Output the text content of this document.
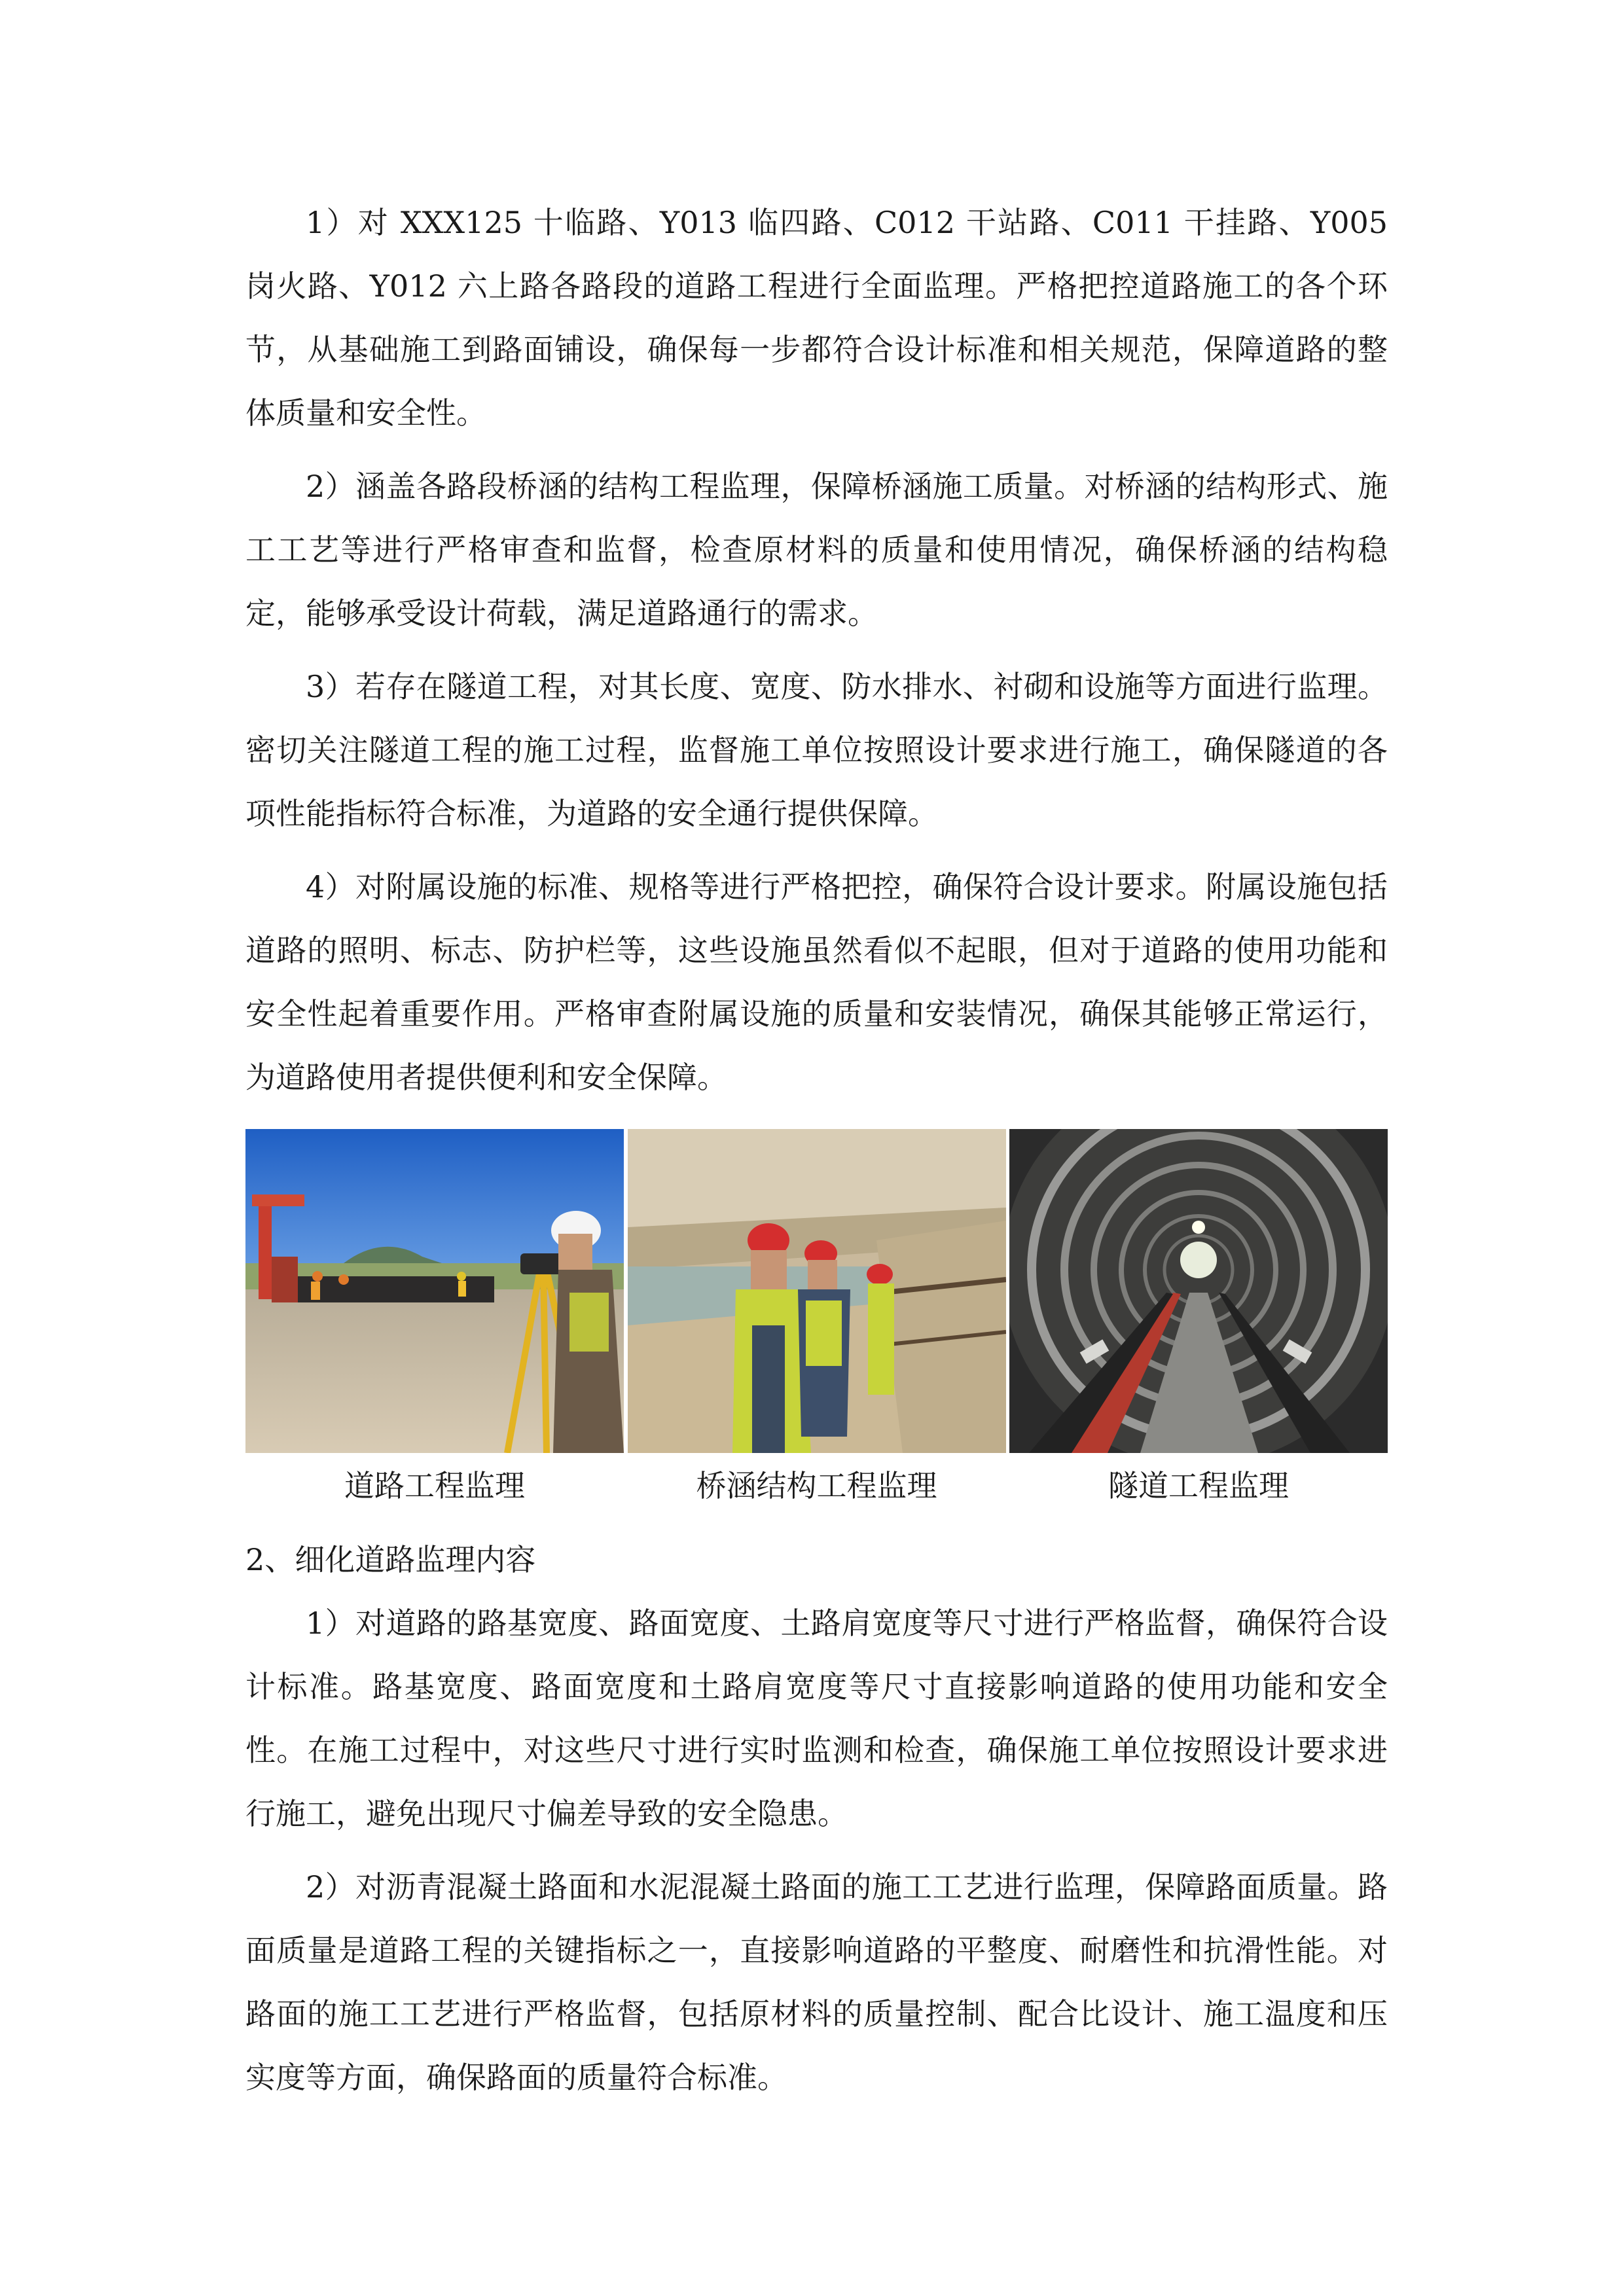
1）对 XXX125 十临路、Y013 临四路、C012 干站路、C011 干挂路、Y005 岗火路、Y012 六上路各路段的道路工程进行全面监理。严格把控道路施工的各个环节，从基础施工到路面铺设，确保每一步都符合设计标准和相关规范，保障道路的整体质量和安全性。

2）涵盖各路段桥涵的结构工程监理，保障桥涵施工质量。对桥涵的结构形式、施工工艺等进行严格审查和监督，检查原材料的质量和使用情况，确保桥涵的结构稳定，能够承受设计荷载，满足道路通行的需求。

3）若存在隧道工程，对其长度、宽度、防水排水、衬砌和设施等方面进行监理。密切关注隧道工程的施工过程，监督施工单位按照设计要求进行施工，确保隧道的各项性能指标符合标准，为道路的安全通行提供保障。

4）对附属设施的标准、规格等进行严格把控，确保符合设计要求。附属设施包括道路的照明、标志、防护栏等，这些设施虽然看似不起眼，但对于道路的使用功能和安全性起着重要作用。严格审查附属设施的质量和安装情况，确保其能够正常运行，为道路使用者提供便利和安全保障。

道路工程监理	桥涵结构工程监理	隧道工程监理

2、细化道路监理内容

1）对道路的路基宽度、路面宽度、土路肩宽度等尺寸进行严格监督，确保符合设计标准。路基宽度、路面宽度和土路肩宽度等尺寸直接影响道路的使用功能和安全性。在施工过程中，对这些尺寸进行实时监测和检查，确保施工单位按照设计要求进行施工，避免出现尺寸偏差导致的安全隐患。

2）对沥青混凝土路面和水泥混凝土路面的施工工艺进行监理，保障路面质量。路面质量是道路工程的关键指标之一，直接影响道路的平整度、耐磨性和抗滑性能。对路面的施工工艺进行严格监督，包括原材料的质量控制、配合比设计、施工温度和压实度等方面，确保路面的质量符合标准。
